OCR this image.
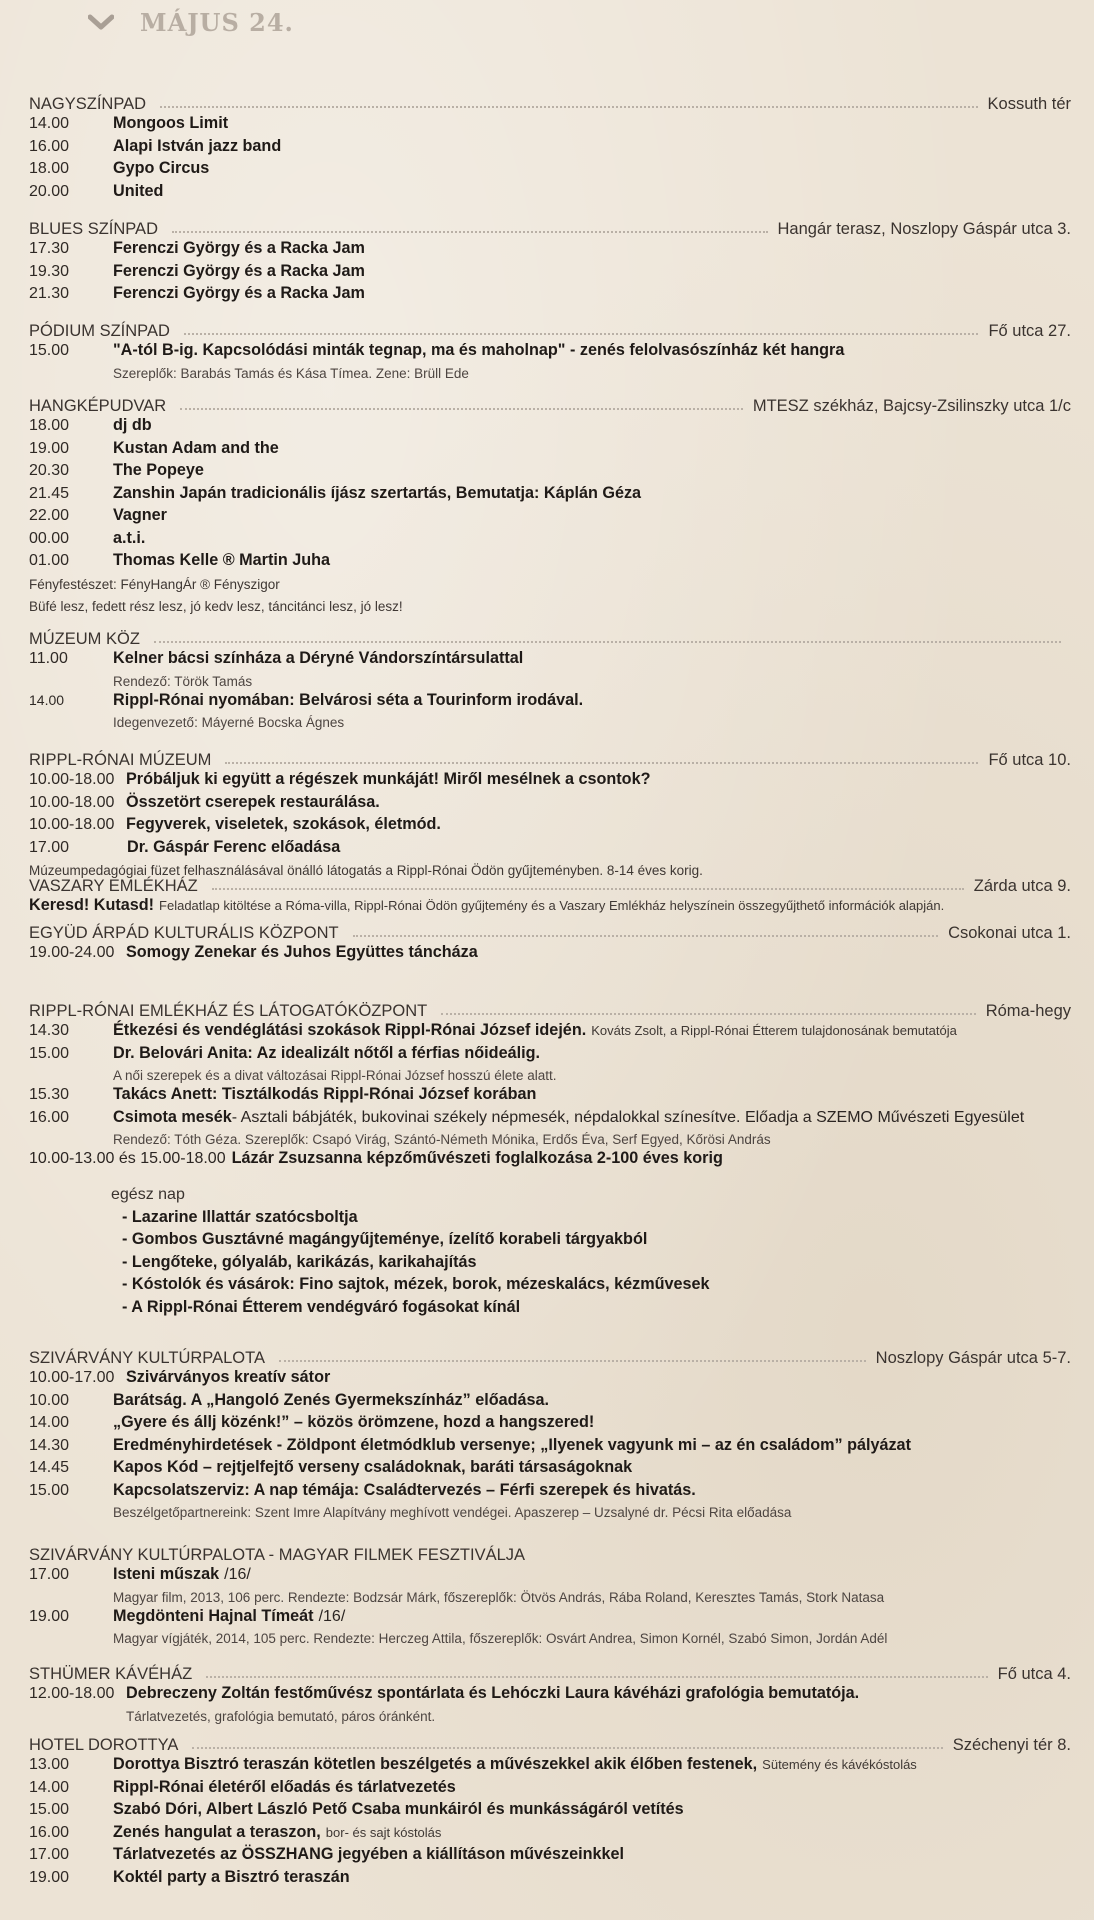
MÁJUS 24.
NAGYSZÍNPAD	Kossuth tér
14.00	Mongoos Limit
16.00	Alapi István jazz band
18.00	Gypo Circus
20.00	United
BLUES SZÍNPAD	Hangár terasz, Noszlopy Gáspár utca 3.
17.30	Ferenczi György és a Racka Jam
19.30	Ferenczi György és a Racka Jam
21.30	Ferenczi György és a Racka Jam
PÓDIUM SZÍNPAD	Fő utca 27.
15.00	"A-tól B-ig. Kapcsolódási minták tegnap, ma és maholnap" - zenés felolvasószínház két hangra
Szereplők: Barabás Tamás és Kása Tímea. Zene: Brüll Ede
HANGKÉPUDVAR	MTESZ székház, Bajcsy-Zsilinszky utca 1/c
18.00	dj db
19.00	Kustan Adam and the
20.30	The Popeye
21.45	Zanshin Japán tradicionális íjász szertartás, Bemutatja: Káplán Géza
22.00	Vagner
00.00	a.t.i.
01.00	Thomas Kelle ® Martin Juha
Fényfestészet: FényHangÁr ® Fényszigor
Büfé lesz, fedett rész lesz, jó kedv lesz, táncitánci lesz, jó lesz!
MÚZEUM KÖZ
11.00	Kelner bácsi színháza a Déryné Vándorszíntársulattal
Rendező: Török Tamás
14.00	Rippl-Rónai nyomában: Belvárosi séta a Tourinform irodával.
Idegenvezető: Máyerné Bocska Ágnes
RIPPL-RÓNAI MÚZEUM	Fő utca 10.
10.00-18.00 Próbáljuk ki együtt a régészek munkáját! Miről mesélnek a csontok?
10.00-18.00 Összetört cserepek restaurálása.
10.00-18.00 Fegyverek, viseletek, szokások, életmód.
17.00	Dr. Gáspár Ferenc előadása
Múzeumpedagógiai füzet felhasználásával önálló látogatás a Rippl-Rónai Ödön gyűjteményben. 8-14 éves korig.
VASZARY EMLÉKHÁZ	Zárda utca 9.
Keresd! Kutasd! Feladatlap kitöltése a Róma-villa, Rippl-Rónai Ödön gyűjtemény és a Vaszary Emlékház helyszínein összegyűjthető információk alapján.
EGYÜD ÁRPÁD KULTURÁLIS KÖZPONT	Csokonai utca 1.
19.00-24.00 Somogy Zenekar és Juhos Együttes táncháza
RIPPL-RÓNAI EMLÉKHÁZ ÉS LÁTOGATÓKÖZPONT	Róma-hegy
14.30	Étkezési és vendéglátási szokások Rippl-Rónai József idején. Kováts Zsolt, a Rippl-Rónai Étterem tulajdonosának bemutatója
15.00	Dr. Belovári Anita: Az idealizált nőtől a férfias nőideálig.
A női szerepek és a divat változásai Rippl-Rónai József hosszú élete alatt.
15.30	Takács Anett: Tisztálkodás Rippl-Rónai József korában
16.00	Csimota mesék - Asztali bábjáték, bukovinai székely népmesék, népdalokkal színesítve. Előadja a SZEMO Művészeti Egyesület
Rendező: Tóth Géza. Szereplők: Csapó Virág, Szántó-Németh Mónika, Erdős Éva, Serf Egyed, Kőrösi András
10.00-13.00 és 15.00-18.00 Lázár Zsuzsanna képzőművészeti foglalkozása 2-100 éves korig
egész nap
- Lazarine Illattár szatócsboltja
- Gombos Gusztávné magángyűjteménye, ízelítő korabeli tárgyakból
- Lengőteke, gólyaláb, karikázás, karikahajítás
- Kóstolók és vásárok: Fino sajtok, mézek, borok, mézeskalács, kézművesek
- A Rippl-Rónai Étterem vendégváró fogásokat kínál
SZIVÁRVÁNY KULTÚRPALOTA	Noszlopy Gáspár utca 5-7.
10.00-17.00 Szivárványos kreatív sátor
10.00	Barátság. A „Hangoló Zenés Gyermekszínház” előadása.
14.00	„Gyere és állj közénk!” – közös örömzene, hozd a hangszered!
14.30	Eredményhirdetések - Zöldpont életmódklub versenye; „Ilyenek vagyunk mi – az én családom” pályázat
14.45	Kapos Kód – rejtjelfejtő verseny családoknak, baráti társaságoknak
15.00	Kapcsolatszerviz: A nap témája: Családtervezés – Férfi szerepek és hivatás.
Beszélgetőpartnereink: Szent Imre Alapítvány meghívott vendégei. Apaszerep – Uzsalyné dr. Pécsi Rita előadása
SZIVÁRVÁNY KULTÚRPALOTA - MAGYAR FILMEK FESZTIVÁLJA
17.00	Isteni műszak /16/
Magyar film, 2013, 106 perc. Rendezte: Bodzsár Márk, főszereplők: Ötvös András, Rába Roland, Keresztes Tamás, Stork Natasa
19.00	Megdönteni Hajnal Tímeát /16/
Magyar vígjáték, 2014, 105 perc. Rendezte: Herczeg Attila, főszereplők: Osvárt Andrea, Simon Kornél, Szabó Simon, Jordán Adél
STHÜMER KÁVÉHÁZ	Fő utca 4.
12.00-18.00 Debreczeny Zoltán festőművész spontárlata és Lehóczki Laura kávéházi grafológia bemutatója.
Tárlatvezetés, grafológia bemutató, páros óránként.
HOTEL DOROTTYA	Széchenyi tér 8.
13.00	Dorottya Bisztró teraszán kötetlen beszélgetés a művészekkel akik élőben festenek, Sütemény és kávékóstolás
14.00	Rippl-Rónai életéről előadás és tárlatvezetés
15.00	Szabó Dóri, Albert László Pető Csaba munkáiról és munkásságáról vetítés
16.00	Zenés hangulat a teraszon, bor- és sajt kóstolás
17.00	Tárlatvezetés az ÖSSZHANG jegyében a kiállításon művészeinkkel
19.00	Koktél party a Bisztró teraszán
